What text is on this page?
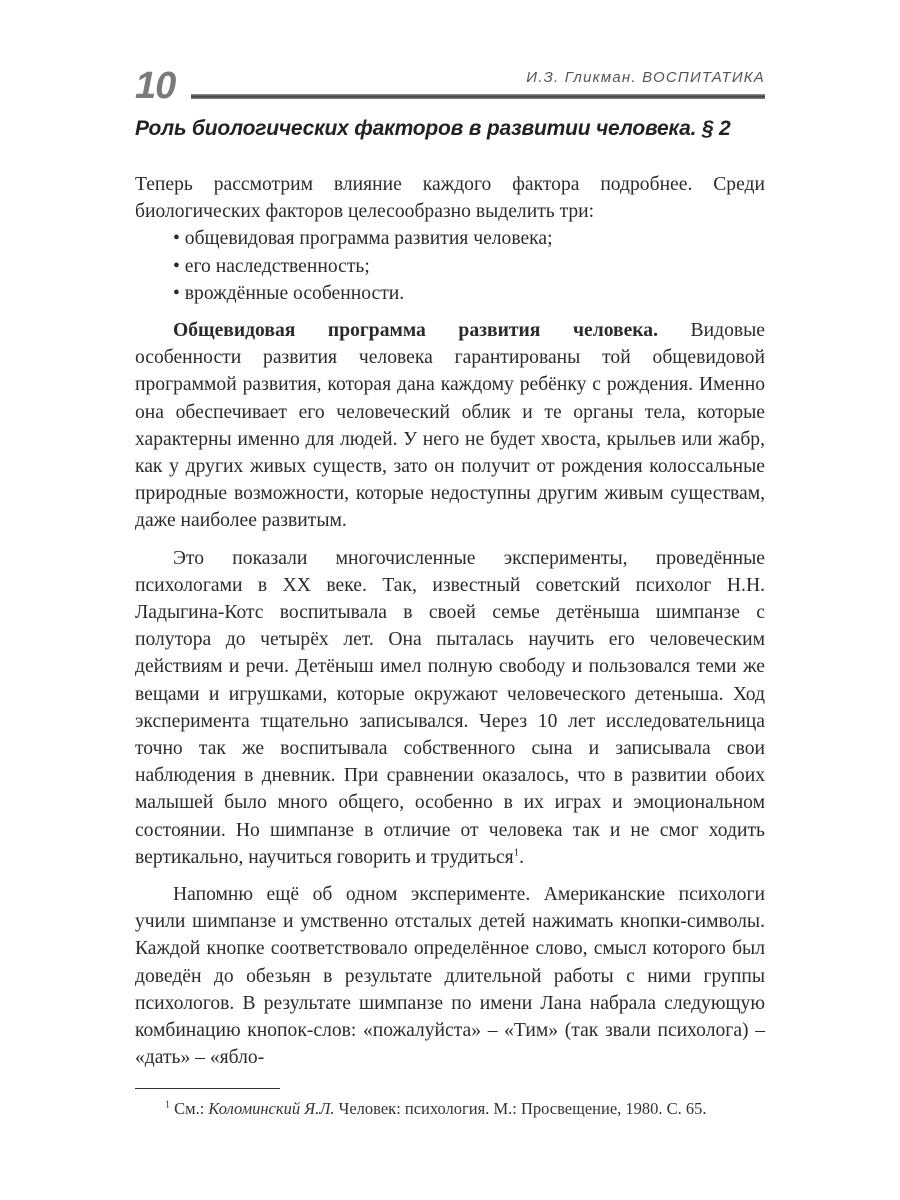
10	И.З. Гликман. ВОСПИТАТИКА
Роль биологических факторов в развитии человека. § 2

Теперь рассмотрим влияние каждого фактора подробнее. Среди биологических факторов целесообразно выделить три:

• общевидовая программа развития человека;
• его наследственность;
• врождённые особенности.

Общевидовая программа развития человека. Видовые особенности развития человека гарантированы той общевидовой программой развития, которая дана каждому ребёнку с рождения. Именно она обеспечивает его человеческий облик и те органы тела, которые характерны именно для людей. У него не будет хвоста, крыльев или жабр, как у других живых существ, зато он получит от рождения колоссальные природные возможности, которые недоступны другим живым существам, даже наиболее развитым.

Это показали многочисленные эксперименты, проведённые психологами в XX веке. Так, известный советский психолог Н.Н. Ладыгина-Котс воспитывала в своей семье детёныша шимпанзе с полутора до четырёх лет. Она пыталась научить его человеческим действиям и речи. Детёныш имел полную свободу и пользовался теми же вещами и игрушками, которые окружают человеческого детеныша. Ход эксперимента тщательно записывался. Через 10 лет исследовательница точно так же воспитывала собственного сына и записывала свои наблюдения в дневник. При сравнении оказалось, что в развитии обоих малышей было много общего, особенно в их играх и эмоциональном состоянии. Но шимпанзе в отличие от человека так и не смог ходить вертикально, научиться говорить и трудиться$^1$.

Напомню ещё об одном эксперименте. Американские психологи учили шимпанзе и умственно отсталых детей нажимать кнопки-символы. Каждой кнопке соответствовало определённое слово, смысл которого был доведён до обезьян в результате длительной работы с ними группы психологов. В результате шимпанзе по имени Лана набрала следующую комбинацию кнопок-слов: «пожалуйста» – «Тим» (так звали психолога) – «дать» – «ябло-

$^1$ См.: Коломинский Я.Л. Человек: психология. М.: Просвещение, 1980. С. 65.
